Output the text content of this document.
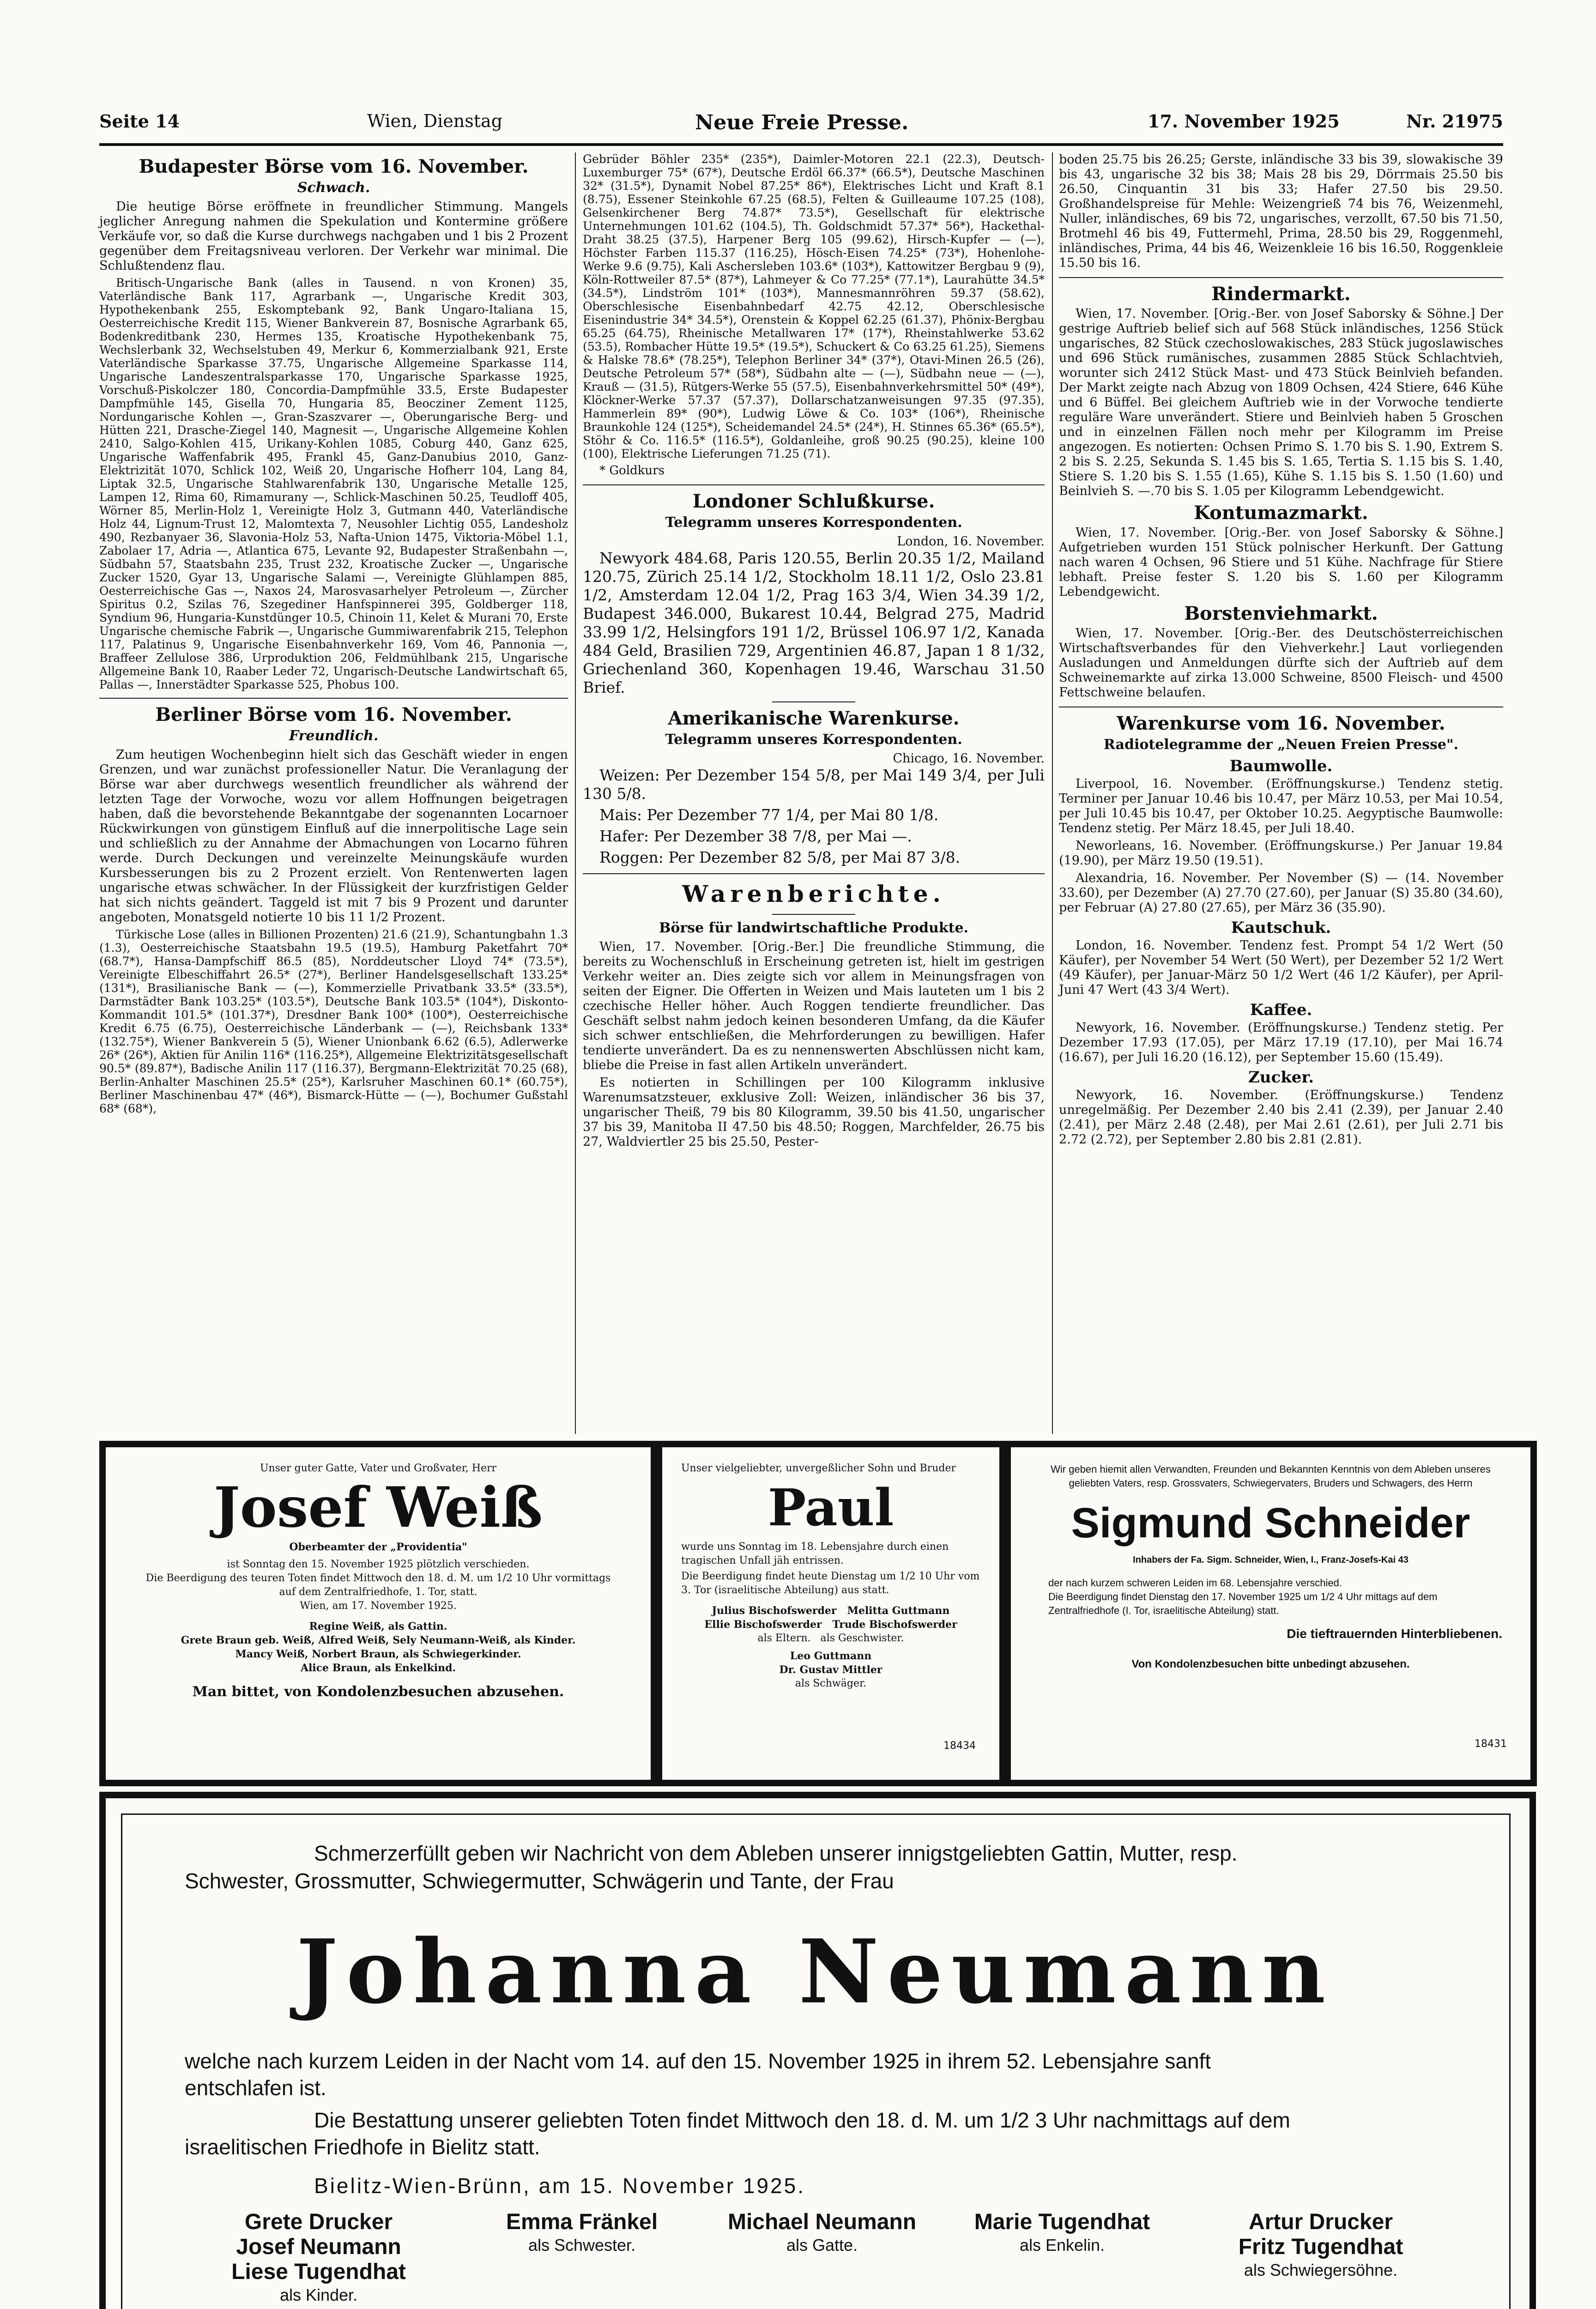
Seite 14	Wien, Dienstag	Neue Freie Presse.	17. November 1925	Nr. 21975
Budapester Börse vom 16. November.
Schwach.

Die heutige Börse eröffnete in freundlicher Stimmung. Mangels jeglicher Anregung nahmen die Spekulation und Kontermine größere Verkäufe vor, so daß die Kurse durchwegs nachgaben und 1 bis 2 Prozent gegenüber dem Freitagsniveau verloren. Der Verkehr war minimal. Die Schlußtendenz flau.

Britisch-Ungarische Bank (alles in Tausend. n von Kronen) 35, Vaterländische Bank 117, Agrarbank —, Ungarische Kredit 303, Hypothekenbank 255, Eskomptebank 92, Bank Ungaro-Italiana 15, Oesterreichische Kredit 115, Wiener Bankverein 87, Bosnische Agrarbank 65, Bodenkreditbank 230, Hermes 135, Kroatische Hypothekenbank 75, Wechslerbank 32, Wechselstuben 49, Merkur 6, Kommerzialbank 921, Erste Vaterländische Sparkasse 37.75, Ungarische Allgemeine Sparkasse 114, Ungarische Landeszentralsparkasse 170, Ungarische Sparkasse 1925, Vorschuß-Piskolczer 180, Concordia-Dampfmühle 33.5, Erste Budapester Dampfmühle 145, Gisella 70, Hungaria 85, Beocziner Zement 1125, Nordungarische Kohlen —, Gran-Szaszvarer —, Oberungarische Berg- und Hütten 221, Drasche-Ziegel 140, Magnesit —, Ungarische Allgemeine Kohlen 2410, Salgo-Kohlen 415, Urikany-Kohlen 1085, Coburg 440, Ganz 625, Ungarische Waffenfabrik 495, Frankl 45, Ganz-Danubius 2010, Ganz-Elektrizität 1070, Schlick 102, Weiß 20, Ungarische Hofherr 104, Lang 84, Liptak 32.5, Ungarische Stahlwarenfabrik 130, Ungarische Metalle 125, Lampen 12, Rima 60, Rimamurany —, Schlick-Maschinen 50.25, Teudloff 405, Wörner 85, Merlin-Holz 1, Vereinigte Holz 3, Gutmann 440, Vaterländische Holz 44, Lignum-Trust 12, Malomtexta 7, Neusohler Lichtig 055, Landesholz 490, Rezbanyaer 36, Slavonia-Holz 53, Nafta-Union 1475, Viktoria-Möbel 1.1, Zabolaer 17, Adria —, Atlantica 675, Levante 92, Budapester Straßenbahn —, Südbahn 57, Staatsbahn 235, Trust 232, Kroatische Zucker —, Ungarische Zucker 1520, Gyar 13, Ungarische Salami —, Vereinigte Glühlampen 885, Oesterreichische Gas —, Naxos 24, Marosvasarhelyer Petroleum —, Zürcher Spiritus 0.2, Szilas 76, Szegediner Hanfspinnerei 395, Goldberger 118, Syndium 96, Hungaria-Kunstdünger 10.5, Chinoin 11, Kelet & Murani 70, Erste Ungarische chemische Fabrik —, Ungarische Gummiwarenfabrik 215, Telephon 117, Palatinus 9, Ungarische Eisenbahnverkehr 169, Vom 46, Pannonia —, Braffeer Zellulose 386, Urproduktion 206, Feldmühlbank 215, Ungarische Allgemeine Bank 10, Raaber Leder 72, Ungarisch-Deutsche Landwirtschaft 65, Pallas —, Innerstädter Sparkasse 525, Phobus 100.

Berliner Börse vom 16. November.
Freundlich.

Zum heutigen Wochenbeginn hielt sich das Geschäft wieder in engen Grenzen, und war zunächst professioneller Natur. Die Veranlagung der Börse war aber durchwegs wesentlich freundlicher als während der letzten Tage der Vorwoche, wozu vor allem Hoffnungen beigetragen haben, daß die bevorstehende Bekanntgabe der sogenannten Locarnoer Rückwirkungen von günstigem Einfluß auf die innerpolitische Lage sein und schließlich zu der Annahme der Abmachungen von Locarno führen werde. Durch Deckungen und vereinzelte Meinungskäufe wurden Kursbesserungen bis zu 2 Prozent erzielt. Von Rentenwerten lagen ungarische etwas schwächer. In der Flüssigkeit der kurzfristigen Gelder hat sich nichts geändert. Taggeld ist mit 7 bis 9 Prozent und darunter angeboten, Monatsgeld notierte 10 bis 11 1/2 Prozent.

Türkische Lose (alles in Billionen Prozenten) 21.6 (21.9), Schantungbahn 1.3 (1.3), Oesterreichische Staatsbahn 19.5 (19.5), Hamburg Paketfahrt 70* (68.7*), Hansa-Dampfschiff 86.5 (85), Norddeutscher Lloyd 74* (73.5*), Vereinigte Elbeschiffahrt 26.5* (27*), Berliner Handelsgesellschaft 133.25* (131*), Brasilianische Bank — (—), Kommerzielle Privatbank 33.5* (33.5*), Darmstädter Bank 103.25* (103.5*), Deutsche Bank 103.5* (104*), Diskonto-Kommandit 101.5* (101.37*), Dresdner Bank 100* (100*), Oesterreichische Kredit 6.75 (6.75), Oesterreichische Länderbank — (—), Reichsbank 133* (132.75*), Wiener Bankverein 5 (5), Wiener Unionbank 6.62 (6.5), Adlerwerke 26* (26*), Aktien für Anilin 116* (116.25*), Allgemeine Elektrizitätsgesellschaft 90.5* (89.87*), Badische Anilin 117 (116.37), Bergmann-Elektrizität 70.25 (68), Berlin-Anhalter Maschinen 25.5* (25*), Karlsruher Maschinen 60.1* (60.75*), Berliner Maschinenbau 47* (46*), Bismarck-Hütte — (—), Bochumer Gußstahl 68* (68*),

Gebrüder Böhler 235* (235*), Daimler-Motoren 22.1 (22.3), Deutsch-Luxemburger 75* (67*), Deutsche Erdöl 66.37* (66.5*), Deutsche Maschinen 32* (31.5*), Dynamit Nobel 87.25* 86*), Elektrisches Licht und Kraft 8.1 (8.75), Essener Steinkohle 67.25 (68.5), Felten & Guilleaume 107.25 (108), Gelsenkirchener Berg 74.87* 73.5*), Gesellschaft für elektrische Unternehmungen 101.62 (104.5), Th. Goldschmidt 57.37* 56*), Hackethal-Draht 38.25 (37.5), Harpener Berg 105 (99.62), Hirsch-Kupfer — (—), Höchster Farben 115.37 (116.25), Hösch-Eisen 74.25* (73*), Hohenlohe-Werke 9.6 (9.75), Kali Aschersleben 103.6* (103*), Kattowitzer Bergbau 9 (9), Köln-Rottweiler 87.5* (87*), Lahmeyer & Co 77.25* (77.1*), Laurahütte 34.5* (34.5*), Lindström 101* (103*), Mannesmannröhren 59.37 (58.62), Oberschlesische Eisenbahnbedarf 42.75 42.12, Oberschlesische Eisenindustrie 34* 34.5*), Orenstein & Koppel 62.25 (61.37), Phönix-Bergbau 65.25 (64.75), Rheinische Metallwaren 17* (17*), Rheinstahlwerke 53.62 (53.5), Rombacher Hütte 19.5* (19.5*), Schuckert & Co 63.25 61.25), Siemens & Halske 78.6* (78.25*), Telephon Berliner 34* (37*), Otavi-Minen 26.5 (26), Deutsche Petroleum 57* (58*), Südbahn alte — (—), Südbahn neue — (—), Krauß — (31.5), Rütgers-Werke 55 (57.5), Eisenbahnverkehrsmittel 50* (49*), Klöckner-Werke 57.37 (57.37), Dollarschatzanweisungen 97.35 (97.35), Hammerlein 89* (90*), Ludwig Löwe & Co. 103* (106*), Rheinische Braunkohle 124 (125*), Scheidemandel 24.5* (24*), H. Stinnes 65.36* (65.5*), Stöhr & Co. 116.5* (116.5*), Goldanleihe, groß 90.25 (90.25), kleine 100 (100), Elektrische Lieferungen 71.25 (71).

* Goldkurs
Londoner Schlußkurse.
Telegramm unseres Korrespondenten.
London, 16. November.

Newyork 484.68, Paris 120.55, Berlin 20.35 1/2, Mailand 120.75, Zürich 25.14 1/2, Stockholm 18.11 1/2, Oslo 23.81 1/2, Amsterdam 12.04 1/2, Prag 163 3/4, Wien 34.39 1/2, Budapest 346.000, Bukarest 10.44, Belgrad 275, Madrid 33.99 1/2, Helsingfors 191 1/2, Brüssel 106.97 1/2, Kanada 484 Geld, Brasilien 729, Argentinien 46.87, Japan 1 8 1/32, Griechenland 360, Kopenhagen 19.46, Warschau 31.50 Brief.

Amerikanische Warenkurse.
Telegramm unseres Korrespondenten.
Chicago, 16. November.

Weizen: Per Dezember 154 5/8, per Mai 149 3/4, per Juli 130 5/8.

Mais: Per Dezember 77 1/4, per Mai 80 1/8.

Hafer: Per Dezember 38 7/8, per Mai —.

Roggen: Per Dezember 82 5/8, per Mai 87 3/8.

Warenberichte.
Börse für landwirtschaftliche Produkte.

Wien, 17. November. [Orig.-Ber.] Die freundliche Stimmung, die bereits zu Wochenschluß in Erscheinung getreten ist, hielt im gestrigen Verkehr weiter an. Dies zeigte sich vor allem in Meinungsfragen von seiten der Eigner. Die Offerten in Weizen und Mais lauteten um 1 bis 2 czechische Heller höher. Auch Roggen tendierte freundlicher. Das Geschäft selbst nahm jedoch keinen besonderen Umfang, da die Käufer sich schwer entschließen, die Mehrforderungen zu bewilligen. Hafer tendierte unverändert. Da es zu nennenswerten Abschlüssen nicht kam, bliebe die Preise in fast allen Artikeln unverändert.

Es notierten in Schillingen per 100 Kilogramm inklusive Warenumsatzsteuer, exklusive Zoll: Weizen, inländischer 36 bis 37, ungarischer Theiß, 79 bis 80 Kilogramm, 39.50 bis 41.50, ungarischer 37 bis 39, Manitoba II 47.50 bis 48.50; Roggen, Marchfelder, 26.75 bis 27, Waldviertler 25 bis 25.50, Pester-

boden 25.75 bis 26.25; Gerste, inländische 33 bis 39, slowakische 39 bis 43, ungarische 32 bis 38; Mais 28 bis 29, Dörrmais 25.50 bis 26.50, Cinquantin 31 bis 33; Hafer 27.50 bis 29.50. Großhandelspreise für Mehle: Weizengrieß 74 bis 76, Weizenmehl, Nuller, inländisches, 69 bis 72, ungarisches, verzollt, 67.50 bis 71.50, Brotmehl 46 bis 49, Futtermehl, Prima, 28.50 bis 29, Roggenmehl, inländisches, Prima, 44 bis 46, Weizenkleie 16 bis 16.50, Roggenkleie 15.50 bis 16.

Rindermarkt.

Wien, 17. November. [Orig.-Ber. von Josef Saborsky & Söhne.] Der gestrige Auftrieb belief sich auf 568 Stück inländisches, 1256 Stück ungarisches, 82 Stück czechoslowakisches, 283 Stück jugoslawisches und 696 Stück rumänisches, zusammen 2885 Stück Schlachtvieh, worunter sich 2412 Stück Mast- und 473 Stück Beinlvieh befanden. Der Markt zeigte nach Abzug von 1809 Ochsen, 424 Stiere, 646 Kühe und 6 Büffel. Bei gleichem Auftrieb wie in der Vorwoche tendierte reguläre Ware unverändert. Stiere und Beinlvieh haben 5 Groschen und in einzelnen Fällen noch mehr per Kilogramm im Preise angezogen. Es notierten: Ochsen Primo S. 1.70 bis S. 1.90, Extrem S. 2 bis S. 2.25, Sekunda S. 1.45 bis S. 1.65, Tertia S. 1.15 bis S. 1.40, Stiere S. 1.20 bis S. 1.55 (1.65), Kühe S. 1.15 bis S. 1.50 (1.60) und Beinlvieh S. —.70 bis S. 1.05 per Kilogramm Lebendgewicht.

Kontumazmarkt.

Wien, 17. November. [Orig.-Ber. von Josef Saborsky & Söhne.] Aufgetrieben wurden 151 Stück polnischer Herkunft. Der Gattung nach waren 4 Ochsen, 96 Stiere und 51 Kühe. Nachfrage für Stiere lebhaft. Preise fester S. 1.20 bis S. 1.60 per Kilogramm Lebendgewicht.

Borstenviehmarkt.

Wien, 17. November. [Orig.-Ber. des Deutschösterreichischen Wirtschaftsverbandes für den Viehverkehr.] Laut vorliegenden Ausladungen und Anmeldungen dürfte sich der Auftrieb auf dem Schweinemarkte auf zirka 13.000 Schweine, 8500 Fleisch- und 4500 Fettschweine belaufen.

Warenkurse vom 16. November.
Radiotelegramme der „Neuen Freien Presse".
Baumwolle.

Liverpool, 16. November. (Eröffnungskurse.) Tendenz stetig. Terminer per Januar 10.46 bis 10.47, per März 10.53, per Mai 10.54, per Juli 10.45 bis 10.47, per Oktober 10.25. Aegyptische Baumwolle: Tendenz stetig. Per März 18.45, per Juli 18.40.

Neworleans, 16. November. (Eröffnungskurse.) Per Januar 19.84 (19.90), per März 19.50 (19.51).

Alexandria, 16. November. Per November (S) — (14. November 33.60), per Dezember (A) 27.70 (27.60), per Januar (S) 35.80 (34.60), per Februar (A) 27.80 (27.65), per März 36 (35.90).

Kautschuk.

London, 16. November. Tendenz fest. Prompt 54 1/2 Wert (50 Käufer), per November 54 Wert (50 Wert), per Dezember 52 1/2 Wert (49 Käufer), per Januar-März 50 1/2 Wert (46 1/2 Käufer), per April-Juni 47 Wert (43 3/4 Wert).

Kaffee.

Newyork, 16. November. (Eröffnungskurse.) Tendenz stetig. Per Dezember 17.93 (17.05), per März 17.19 (17.10), per Mai 16.74 (16.67), per Juli 16.20 (16.12), per September 15.60 (15.49).

Zucker.

Newyork, 16. November. (Eröffnungskurse.) Tendenz unregelmäßig. Per Dezember 2.40 bis 2.41 (2.39), per Januar 2.40 (2.41), per März 2.48 (2.48), per Mai 2.61 (2.61), per Juli 2.71 bis 2.72 (2.72), per September 2.80 bis 2.81 (2.81).

Unser guter Gatte, Vater und Großvater, Herr
Josef Weiß
Oberbeamter der „Providentia"
ist Sonntag den 15. November 1925 plötzlich verschieden.
Die Beerdigung des teuren Toten findet Mittwoch den 18. d. M. um 1/2 10 Uhr vormittags auf dem Zentralfriedhofe, 1. Tor, statt.
Wien, am 17. November 1925.
Regine Weiß, als Gattin.
Grete Braun geb. Weiß, Alfred Weiß, Sely Neumann-Weiß, als Kinder.
Mancy Weiß, Norbert Braun, als Schwiegerkinder.
Alice Braun, als Enkelkind.
Man bittet, von Kondolenzbesuchen abzusehen.
Unser vielgeliebter, unvergeßlicher Sohn und Bruder
Paul
wurde uns Sonntag im 18. Lebensjahre durch einen tragischen Unfall jäh entrissen.
Die Beerdigung findet heute Dienstag um 1/2 10 Uhr vom 3. Tor (israelitische Abteilung) aus statt.
Julius Bischofswerder   Melitta Guttmann
Ellie Bischofswerder   Trude Bischofswerder
als Eltern.   als Geschwister.
Leo Guttmann
Dr. Gustav Mittler
als Schwäger.
18434
Wir geben hiemit allen Verwandten, Freunden und Bekannten Kenntnis von dem Ableben unseres geliebten Vaters, resp. Grossvaters, Schwiegervaters, Bruders und Schwagers, des Herrn
Sigmund Schneider
Inhabers der Fa. Sigm. Schneider, Wien, I., Franz-Josefs-Kai 43
der nach kurzem schweren Leiden im 68. Lebensjahre verschied.
Die Beerdigung findet Dienstag den 17. November 1925 um 1/2 4 Uhr mittags auf dem Zentralfriedhofe (I. Tor, israelitische Abteilung) statt.
Die tieftrauernden Hinterbliebenen.
Von Kondolenzbesuchen bitte unbedingt abzusehen.
18431
Schmerzerfüllt geben wir Nachricht von dem Ableben unserer innigstgeliebten Gattin, Mutter, resp.
Schwester, Grossmutter, Schwiegermutter, Schwägerin und Tante, der Frau
Johanna Neumann
welche nach kurzem Leiden in der Nacht vom 14. auf den 15. November 1925 in ihrem 52. Lebensjahre sanft
entschlafen ist.
Die Bestattung unserer geliebten Toten findet Mittwoch den 18. d. M. um 1/2 3 Uhr nachmittags auf dem
israelitischen Friedhofe in Bielitz statt.
Bielitz-Wien-Brünn, am 15. November 1925.
Grete Drucker
Josef Neumann
Liese Tugendhat
als Kinder.
Emma Fränkel
als Schwester.
Michael Neumann
als Gatte.
Marie Tugendhat
als Enkelin.
Artur Drucker
Fritz Tugendhat
als Schwiegersöhne.
